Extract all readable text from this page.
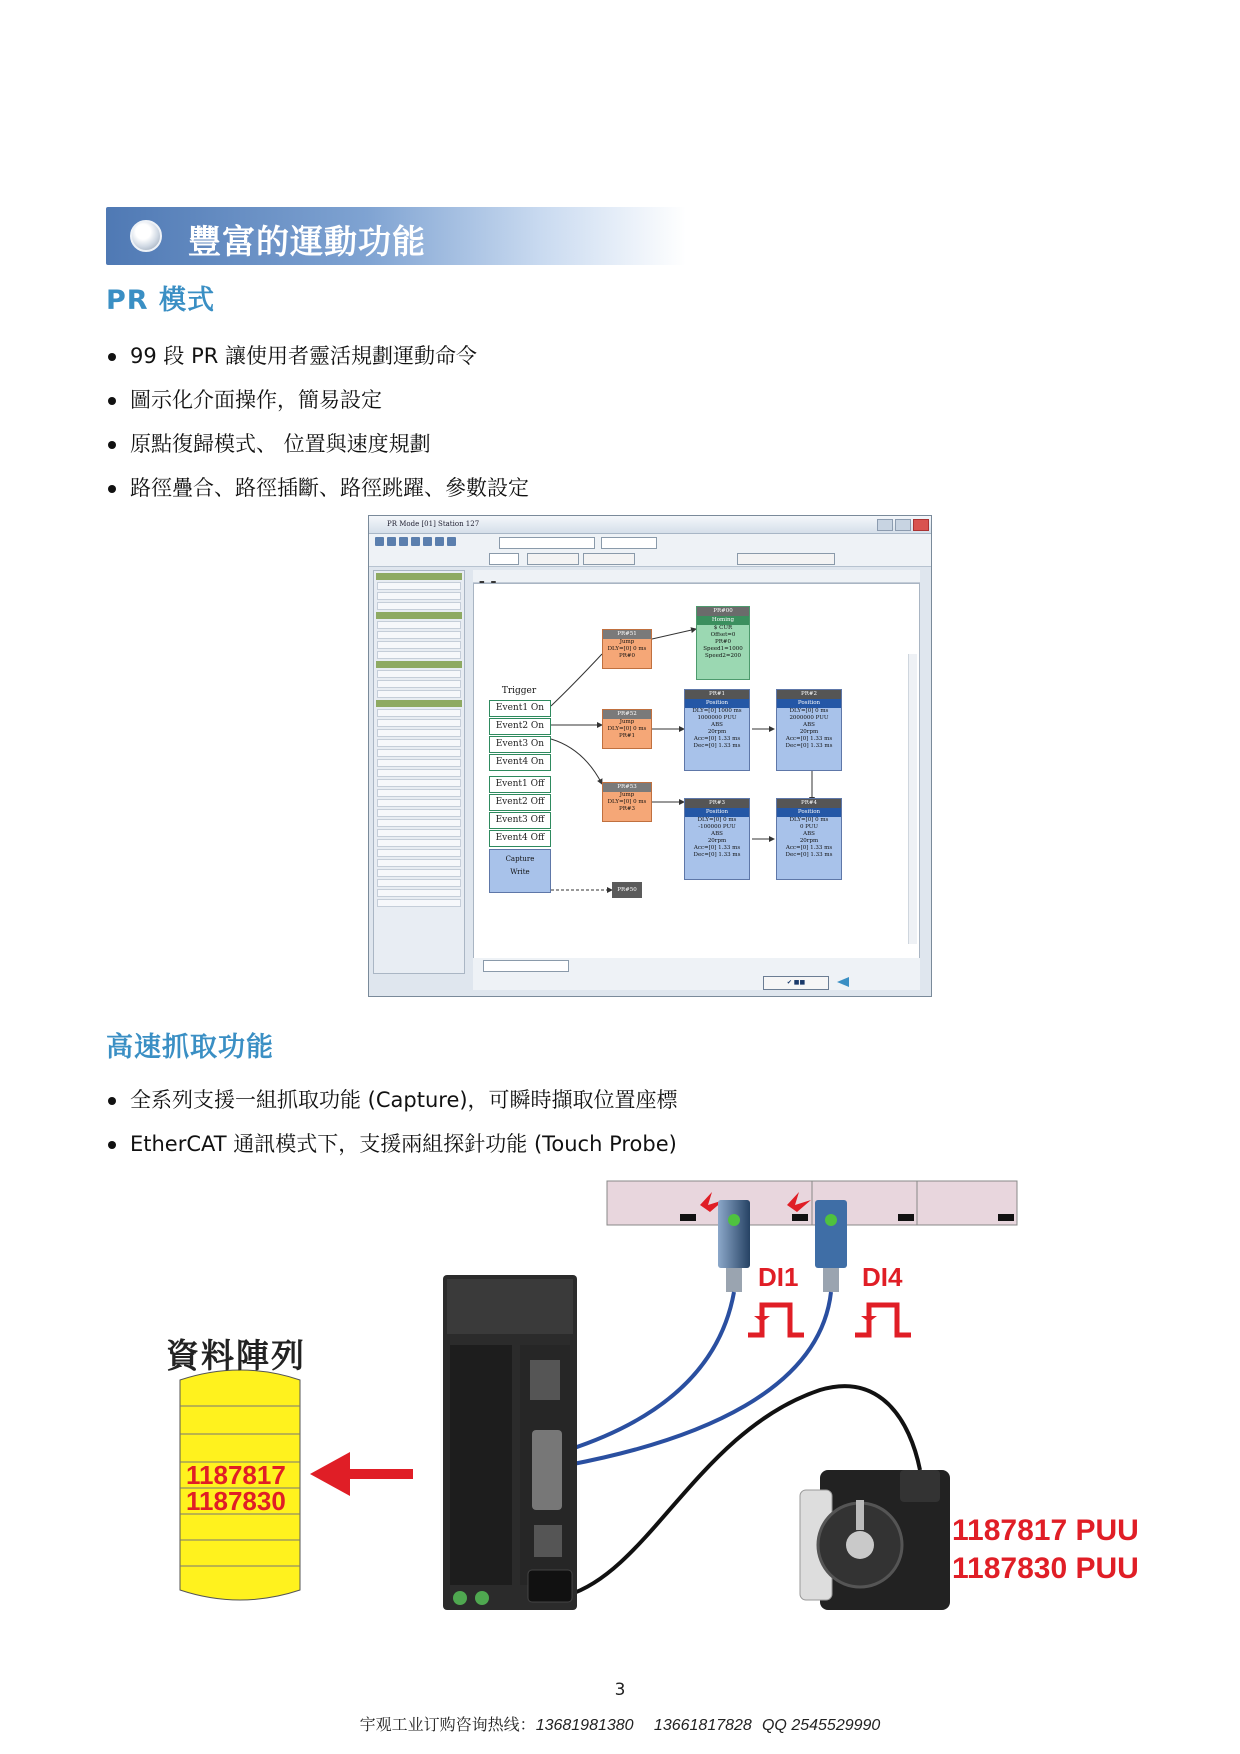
豐富的運動功能
PR 模式
99 段 PR 讓使用者靈活規劃運動命令
圖示化介面操作，簡易設定
原點復歸模式、 位置與速度規劃
路徑疊合、路徑插斷、路徑跳躍、參數設定
PR Mode [01] Station 127
Trigger
Event1 On
Event2 On
Event3 On
Event4 On
Event1 Off
Event2 Off
Event3 Off
Event4 Off
Capture
Write
PR#00
Homing
$ CUR
Offset=0
PR#0
Speed1=1000
Speed2=200
PR#51
Jump
DLY=[0] 0 ms
PR#0
PR#52
Jump
DLY=[0] 0 ms
PR#1
PR#53
Jump
DLY=[0] 0 ms
PR#3
PR#1
Position
DLY=[0] 1000 ms
1000000 PUU
ABS
20rpm
Acc=[0] 1.33 ms
Dec=[0] 1.33 ms
PR#2
Position
DLY=[0] 0 ms
2000000 PUU
ABS
20rpm
Acc=[0] 1.33 ms
Dec=[0] 1.33 ms
PR#3
Position
DLY=[0] 0 ms
-100000 PUU
ABS
20rpm
Acc=[0] 1.33 ms
Dec=[0] 1.33 ms
PR#4
Position
DLY=[0] 0 ms
0 PUU
ABS
20rpm
Acc=[0] 1.33 ms
Dec=[0] 1.33 ms
PR#50
✔ ■■
高速抓取功能
全系列支援一組抓取功能 (Capture)，可瞬時擷取位置座標
EtherCAT 通訊模式下，支援兩組探針功能 (Touch Probe)
資料陣列
1187817
1187830
DI1 DI4
1187817 PUU
1187830 PUU
3
宇观工业订购咨询热线：13681981380 13661817828 QQ 2545529990
